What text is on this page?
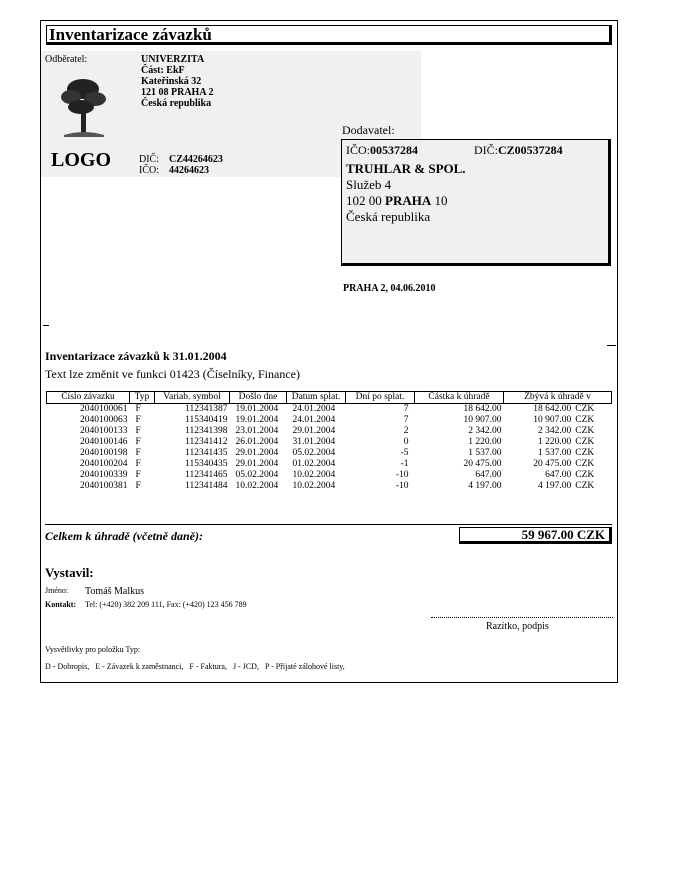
Inventarizace závazků
Odběratel:	UNIVERZITA
Část: EkF
Kateřinská 32
121 08 PRAHA 2
Česká republika
LOGO	DIČ: CZ44264623
IČO: 44264623
Dodavatel:
IČO:00537284	DIČ:CZ00537284
TRUHLAR & SPOL.
Služeb 4
102 00 PRAHA 10
Česká republika
PRAHA 2, 04.06.2010
Inventarizace závazků k 31.01.2004
Text lze změnit ve funkci 01423 (Číselníky, Finance)
Číslo závazku	Typ	Variab. symbol	Došlo dne	Datum splat.	Dní po splat.	Částka k úhradě	Zbývá k úhradě v	
2040100061	F	112341387	19.01.2004	24.01.2004	7	18 642.00	18 642.00	CZK
2040100063	F	115340419	19.01.2004	24.01.2004	7	10 907.00	10 907.00	CZK
2040100133	F	112341398	23.01.2004	29.01.2004	2	2 342.00	2 342.00	CZK
2040100146	F	112341412	26.01.2004	31.01.2004	0	1 220.00	1 220.00	CZK
2040100198	F	112341435	29.01.2004	05.02.2004	-5	1 537.00	1 537.00	CZK
2040100204	F	115340435	29.01.2004	01.02.2004	-1	20 475.00	20 475.00	CZK
2040100339	F	112341465	05.02.2004	10.02.2004	-10	647.00	647.00	CZK
2040100381	F	112341484	10.02.2004	10.02.2004	-10	4 197.00	4 197.00	CZK
Celkem k úhradě (včetně daně):	59 967.00 CZK
Vystavil:
Jméno: Tomáš Malkus
Kontakt: Tel: (+420) 382 209 111, Fax: (+420) 123 456 789
Razítko, podpis
Vysvětlivky pro položku Typ:
D - Dobropis,   E - Závazek k zaměstnanci,   F - Faktura,   J - JCD,   P - Přijaté zálohové listy,
